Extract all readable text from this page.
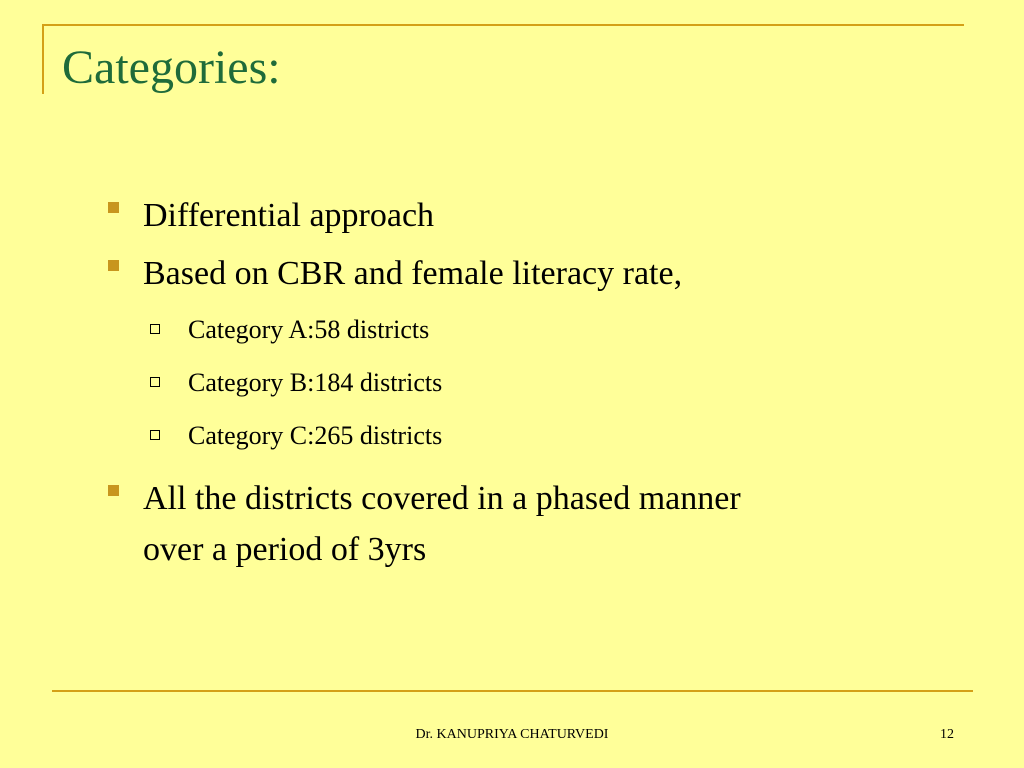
Categories:
Differential approach
Based on CBR and female literacy rate,
Category A:58 districts
Category B:184 districts
Category C:265 districts
All the districts covered in a phased manner
over a period of 3yrs
Dr. KANUPRIYA CHATURVEDI	12
